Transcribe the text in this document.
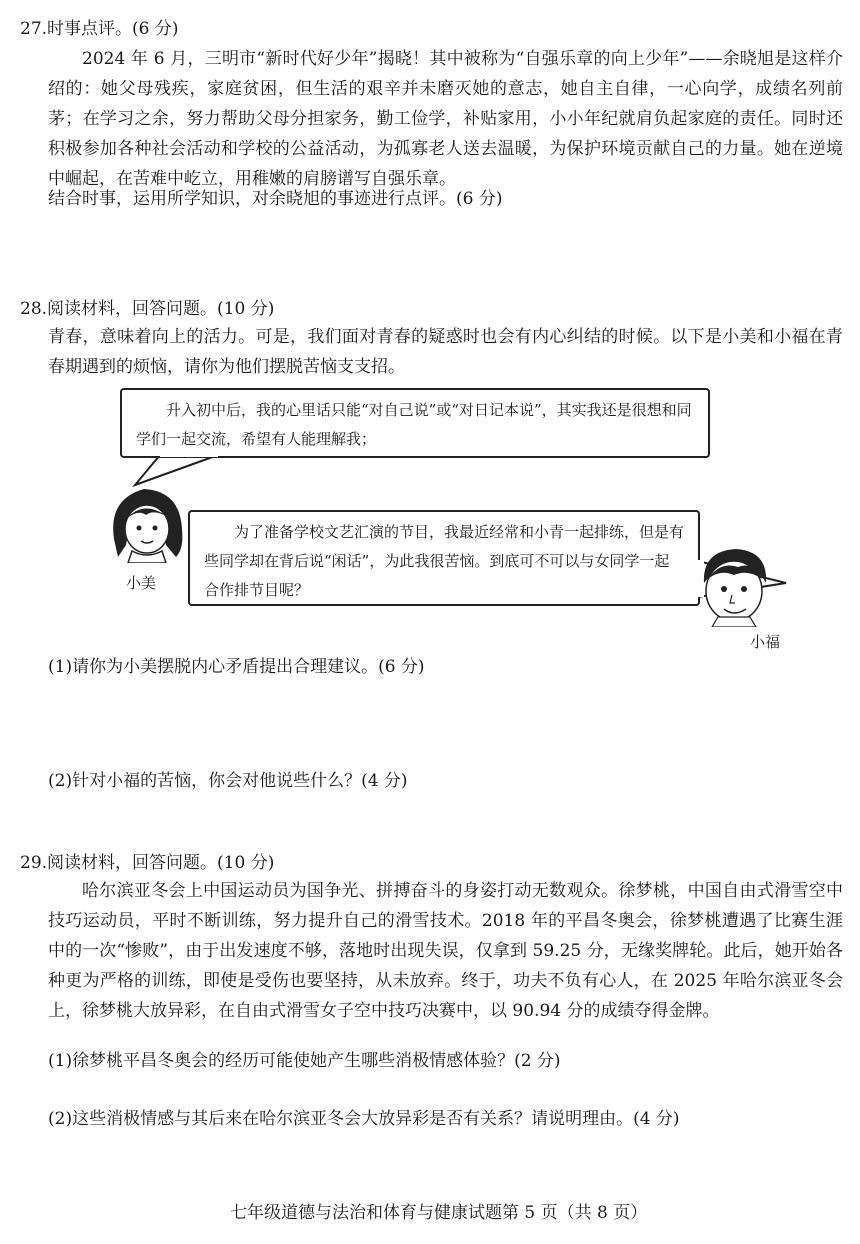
27.时事点评。(6 分)
2024 年 6 月，三明市“新时代好少年”揭晓！其中被称为“自强乐章的向上少年”——余晓旭是这样介绍的：她父母残疾，家庭贫困，但生活的艰辛并未磨灭她的意志，她自主自律，一心向学，成绩名列前茅；在学习之余，努力帮助父母分担家务，勤工俭学，补贴家用，小小年纪就肩负起家庭的责任。同时还积极参加各种社会活动和学校的公益活动，为孤寡老人送去温暖，为保护环境贡献自己的力量。她在逆境中崛起，在苦难中屹立，用稚嫩的肩膀谱写自强乐章。
结合时事，运用所学知识，对余晓旭的事迹进行点评。(6 分)
28.阅读材料，回答问题。(10 分)
青春，意味着向上的活力。可是，我们面对青春的疑惑时也会有内心纠结的时候。以下是小美和小福在青春期遇到的烦恼，请你为他们摆脱苦恼支支招。
升入初中后，我的心里话只能“对自己说”或“对日记本说”，其实我还是很想和同学们一起交流，希望有人能理解我；
为了准备学校文艺汇演的节目，我最近经常和小青一起排练，但是有些同学却在背后说“闲话”，为此我很苦恼。到底可不可以与女同学一起合作排节目呢？
小美
小福
(1)请你为小美摆脱内心矛盾提出合理建议。(6 分)
(2)针对小福的苦恼，你会对他说些什么？(4 分)
29.阅读材料，回答问题。(10 分)
哈尔滨亚冬会上中国运动员为国争光、拼搏奋斗的身姿打动无数观众。徐梦桃，中国自由式滑雪空中技巧运动员，平时不断训练，努力提升自己的滑雪技术。2018 年的平昌冬奥会，徐梦桃遭遇了比赛生涯中的一次“惨败”，由于出发速度不够，落地时出现失误，仅拿到 59.25 分，无缘奖牌轮。此后，她开始各种更为严格的训练，即使是受伤也要坚持，从未放弃。终于，功夫不负有心人，在 2025 年哈尔滨亚冬会上，徐梦桃大放异彩，在自由式滑雪女子空中技巧决赛中，以 90.94 分的成绩夺得金牌。
(1)徐梦桃平昌冬奥会的经历可能使她产生哪些消极情感体验？(2 分)
(2)这些消极情感与其后来在哈尔滨亚冬会大放异彩是否有关系？请说明理由。(4 分)
七年级道德与法治和体育与健康试题第 5 页（共 8 页）
